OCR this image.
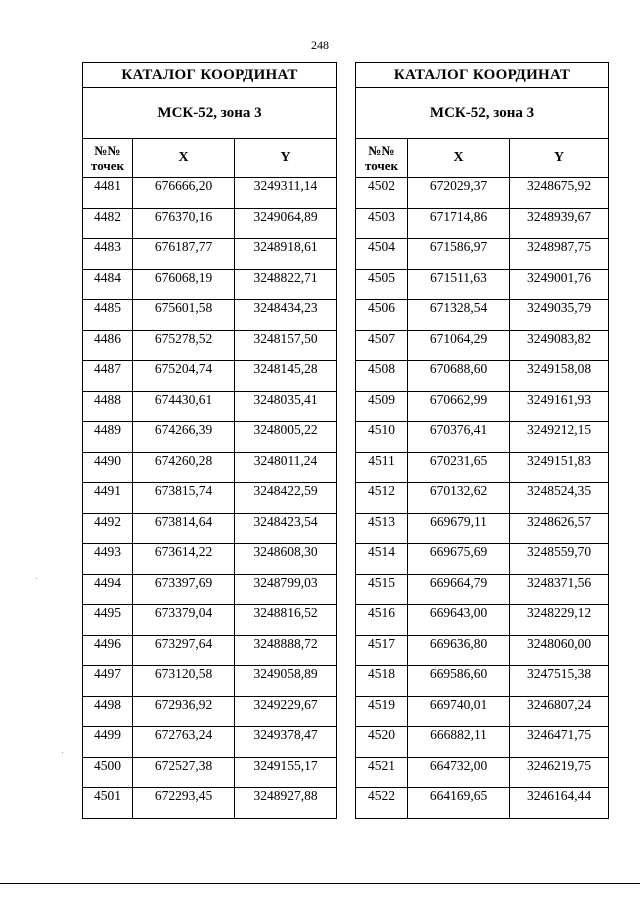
248
КАТАЛОГ КООРДИНАТ		
МСК-52, зона 3		
№№
точек	X	Y
4481	676666,20	3249311,14
4482	676370,16	3249064,89
4483	676187,77	3248918,61
4484	676068,19	3248822,71
4485	675601,58	3248434,23
4486	675278,52	3248157,50
4487	675204,74	3248145,28
4488	674430,61	3248035,41
4489	674266,39	3248005,22
4490	674260,28	3248011,24
4491	673815,74	3248422,59
4492	673814,64	3248423,54
4493	673614,22	3248608,30
4494	673397,69	3248799,03
4495	673379,04	3248816,52
4496	673297,64	3248888,72
4497	673120,58	3249058,89
4498	672936,92	3249229,67
4499	672763,24	3249378,47
4500	672527,38	3249155,17
4501	672293,45	3248927,88
КАТАЛОГ КООРДИНАТ		
МСК-52, зона 3		
№№
точек	X	Y
4502	672029,37	3248675,92
4503	671714,86	3248939,67
4504	671586,97	3248987,75
4505	671511,63	3249001,76
4506	671328,54	3249035,79
4507	671064,29	3249083,82
4508	670688,60	3249158,08
4509	670662,99	3249161,93
4510	670376,41	3249212,15
4511	670231,65	3249151,83
4512	670132,62	3248524,35
4513	669679,11	3248626,57
4514	669675,69	3248559,70
4515	669664,79	3248371,56
4516	669643,00	3248229,12
4517	669636,80	3248060,00
4518	669586,60	3247515,38
4519	669740,01	3246807,24
4520	666882,11	3246471,75
4521	664732,00	3246219,75
4522	664169,65	3246164,44
